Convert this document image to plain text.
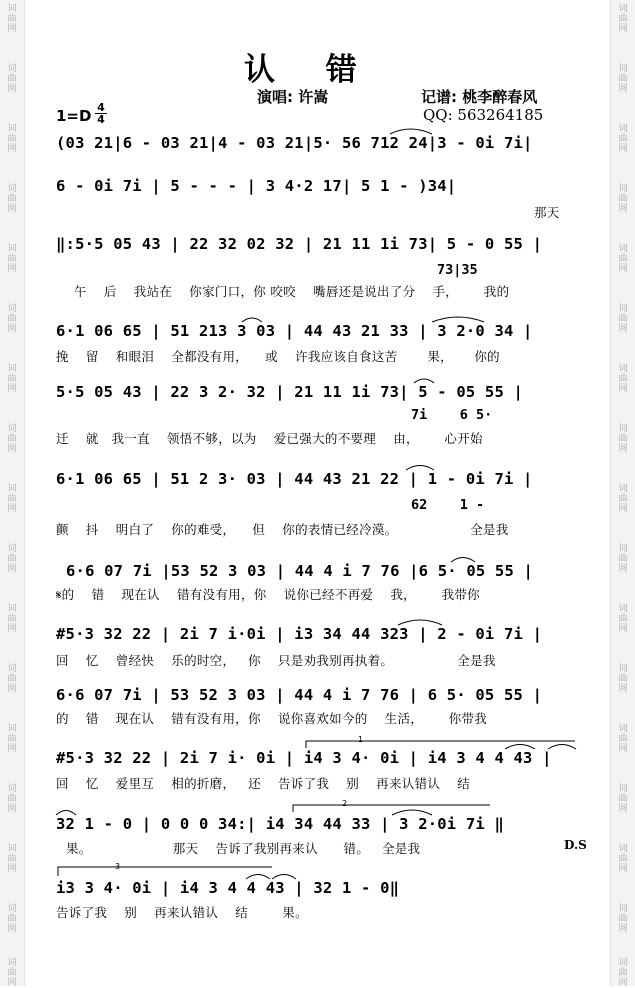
词曲网
词曲网
词曲网
词曲网
词曲网
词曲网
词曲网
词曲网
词曲网
词曲网
词曲网
词曲网
词曲网
词曲网
词曲网
词曲网
词曲网
词曲网
词曲网
词曲网
词曲网
词曲网
词曲网
词曲网
词曲网
词曲网
词曲网
词曲网
词曲网
词曲网
词曲网
词曲网
词曲网
词曲网
认 错
演唱: 许嵩	记谱: 桃李醉春风
QQ: 563264185
1=D 4
4
(03 21|6 - 03 21|4 - 03 21|5· 56 712 24|3 - 0i 7i|
6 - 0i 7i | 5 - - - | 3 4·2 17| 5 1 - )34|
那天
‖:5·5 05 43 | 22 32 02 32 | 21 11 1i 73| 5 - 0 55 |
73|35
午    后    我站在    你家门口，你 咬咬    嘴唇还是说出了分    手，      我的
6·1 06 65 | 51 213 3 03 | 44 43 21 33 | 3 2·0 34 |
挽    留    和眼泪    全都没有用，    或    许我应该自食这苦       果，     你的
5·5 05 43 | 22 3 2· 32 | 21 11 1i 73| 5 - 05 55 |
7i    6 5·
迁    就   我一直    领悟不够，以为    爱已强大的不要理    由，      心开始
6·1 06 65 | 51 2 3· 03 | 44 43 21 22 | 1 - 0i 7i |
62    1 -
颤    抖    明白了    你的难受，    但    你的表情已经冷漠。                 全是我
6·6 07 7i |53 52 3 03 | 44 4 i 7 76 |6 5· 05 55 |
𝄋的    错    现在认    错有没有用，你    说你已经不再爱    我，      我带你
#5·3 32 22 | 2i 7 i·0i | i3 34 44 323 | 2 - 0i 7i |
回    忆    曾经快    乐的时空，   你    只是劝我别再执着。               全是我
6·6 07 7i | 53 52 3 03 | 44 4 i 7 76 | 6 5· 05 55 |
的    错    现在认    错有没有用，你    说你喜欢如今的    生活，      你带我
#5·3 32 22 | 2i 7 i· 0i | i4 3 4· 0i | i4 3 4 4 43 |
回    忆    爱里互    相的折磨，   还    告诉了我    别    再来认错认    结
32 1 - 0 | 0 0 0 34:| i4 34 44 33 | 3 2·0i 7i ‖
果。                   那天    告诉了我别再来认      错。   全是我	D.S
i3 3 4· 0i | i4 3 4 4 43 | 32 1 - 0‖
告诉了我    别    再来认错认    结        果。
1
2
3
